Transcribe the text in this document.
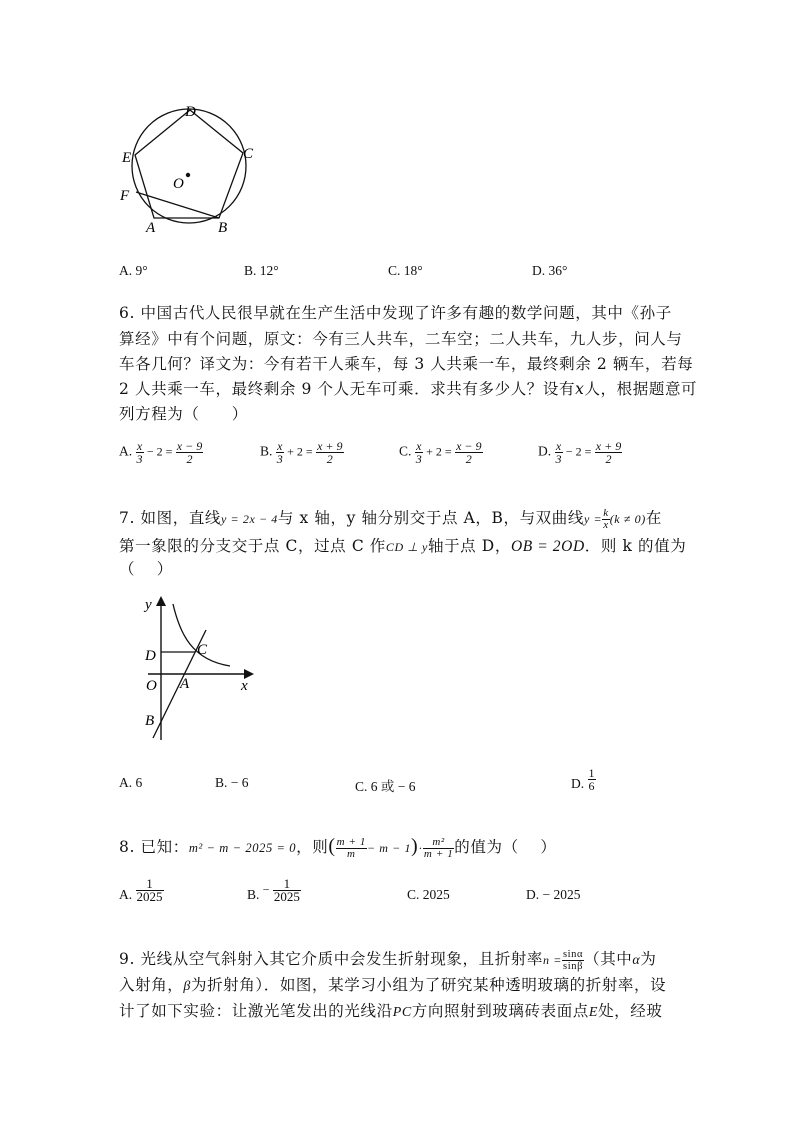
D
C
E
O
F
A	B
A. 9°	B. 12°	C. 18°	D. 36°
6. 中国古代人民很早就在生产生活中发现了许多有趣的数学问题，其中《孙子
算经》中有个问题，原文：今有三人共车，二车空；二人共车，九人步，问人与
车各几何？译文为：今有若干人乘车，每 3 人共乘一车，最终剩余 2 辆车，若每
2 人共乘一车，最终剩余 9 个人无车可乘．求共有多少人？设有x人，根据题意可
列方程为（　　）
A. $\frac{x}{3} - 2 = \frac{x - 9}{2}$	B. $\frac{x}{3} + 2 = \frac{x + 9}{2}$	C. $\frac{x}{3} + 2 = \frac{x - 9}{2}$	D. $\frac{x}{3} - 2 = \frac{x + 9}{2}$
7. 如图，直线y = 2x − 4与 x 轴，y 轴分别交于点 A，B，与双曲线$y = \frac{k}{x} (k \ne 0)$在
第一象限的分支交于点 C，过点 C 作CD ⊥ y轴于点 D，OB = 2OD．则 k 的值为
（　 ）
y
D	C
O A	x
B
A. 6	B. − 6	C. 6 或 − 6	D. $\frac{1}{6}$
8. 已知：m² − m − 2025 = 0，则( $\frac{m + 1}{m} - m - 1)\cdot \frac{\text{m²}}{m + 1}$ 的值为（　 ）
A. $\frac{1}{2025}$	B. − $\frac{1}{2025}$	C. 2025	D. − 2025
9. 光线从空气斜射入其它介质中会发生折射现象，且折射率$n = \frac{\sin\alpha}{\sin\beta}$ （其中α为
入射角，β为折射角）．如图，某学习小组为了研究某种透明玻璃的折射率，设
计了如下实验：让激光笔发出的光线沿PC方向照射到玻璃砖表面点E处，经玻
